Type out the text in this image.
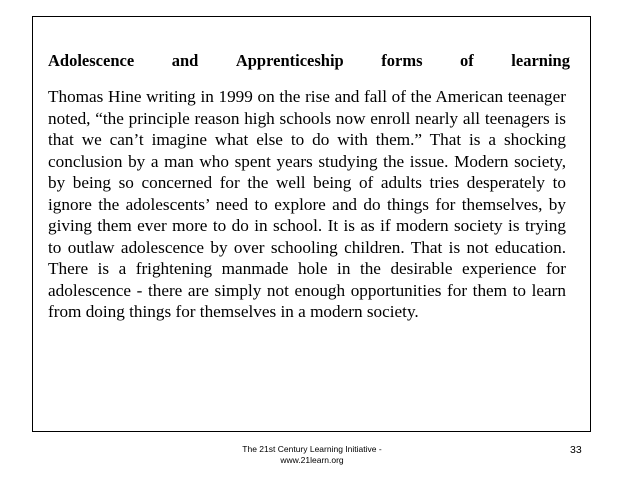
Adolescence and Apprenticeship forms of learning

Thomas Hine writing in 1999 on the rise and fall of the American teenager noted, “the principle reason high schools now enroll nearly all teenagers is that we can’t imagine what else to do with them.” That is a shocking conclusion by a man who spent years studying the issue. Modern society, by being so concerned for the well being of adults tries desperately to ignore the adolescents’ need to explore and do things for themselves, by giving them ever more to do in school. It is as if modern society is trying to outlaw adolescence by over schooling children. That is not education. There is a frightening manmade hole in the desirable experience for adolescence - there are simply not enough opportunities for them to learn from doing things for themselves in a modern society.

The 21st Century Learning Initiative -
www.21learn.org
33
